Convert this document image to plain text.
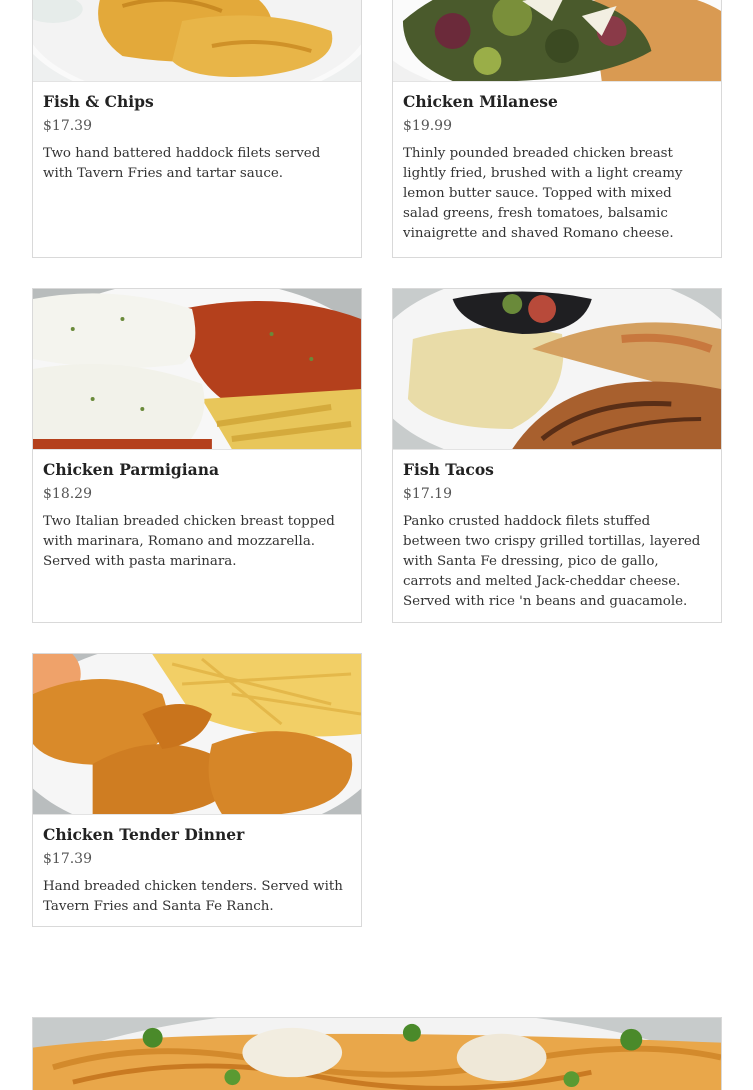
Fish & Chips
$17.39
Two hand battered haddock filets served with Tavern Fries and tartar sauce.
Chicken Milanese
$19.99
Thinly pounded breaded chicken breast lightly fried, brushed with a light creamy lemon butter sauce. Topped with mixed salad greens, fresh tomatoes, balsamic vinaigrette and shaved Romano cheese.
Chicken Parmigiana
$18.29
Two Italian breaded chicken breast topped with marinara, Romano and mozzarella. Served with pasta marinara.
Fish Tacos
$17.19
Panko crusted haddock filets stuffed between two crispy grilled tortillas, layered with Santa Fe dressing, pico de gallo, carrots and melted Jack-cheddar cheese. Served with rice 'n beans and guacamole.
Chicken Tender Dinner
$17.39
Hand breaded chicken tenders. Served with Tavern Fries and Santa Fe Ranch.
